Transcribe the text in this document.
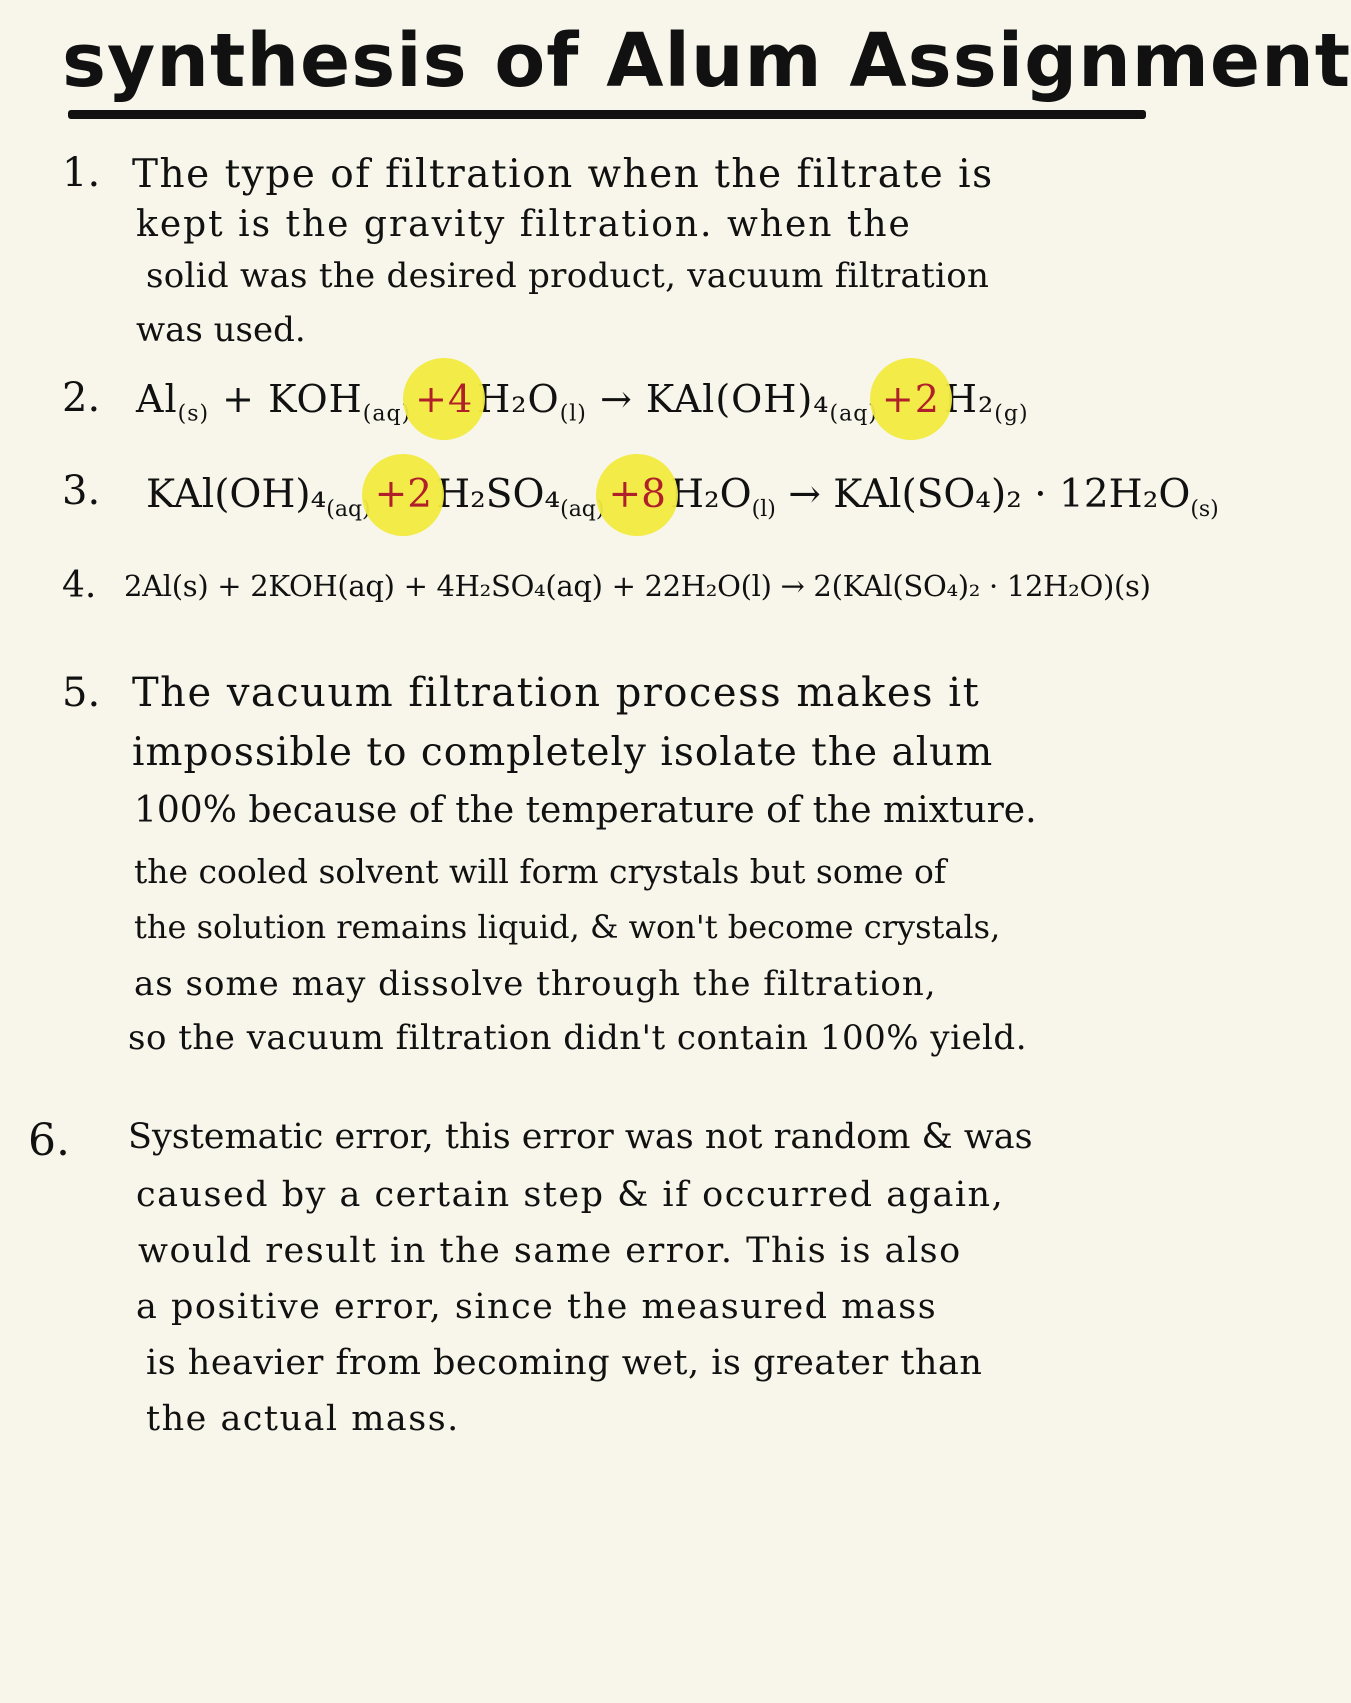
synthesis of Alum Assignment
1. The type of filtration when the filtrate is
kept is the gravity filtration. when the
solid was the desired product, vacuum filtration
was used.
2. $Al_{(s)} + KOH_{(aq)} +4$ $H_2O_{(l)} \to KAl(OH)_4_{(aq)} +2$ $H_2_{(g)}$
3. $KAl(OH)_4_{(aq)} +2$ $H_2SO_4_{(aq)} +8$ $H_2O_{(l)} \to KAl(SO_4)_2 \cdot 12H_2O_{(s)}$
4. 2Al(s) + 2KOH(aq) + 4H₂SO₄(aq) + 22H₂O(l) → 2(KAl(SO₄)₂ · 12H₂O)(s)
5. The vacuum filtration process makes it
impossible to completely isolate the alum
100% because of the temperature of the mixture.
the cooled solvent will form crystals but some of
the solution remains liquid, & won't become crystals,
as some may dissolve through the filtration,
so the vacuum filtration didn't contain 100% yield.
6. Systematic error, this error was not random & was
caused by a certain step & if occurred again,
would result in the same error. This is also
a positive error, since the measured mass
is heavier from becoming wet, is greater than
the actual mass.
